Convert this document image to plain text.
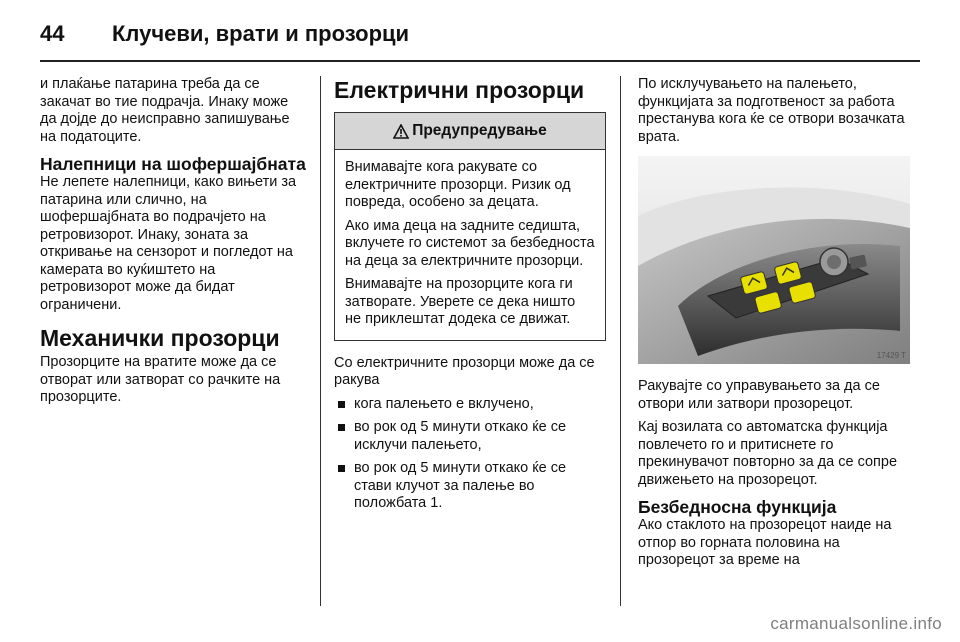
44	Клучеви, врати и прозорци

и плаќање патарина треба да се закачат во тие подрачја. Инаку може да дојде до неисправно запишување на податоците.

Налепници на шофершајбната

Не лепете налепници, како вињети за патарина или слично, на шофершајбната во подрачјето на ретровизорот. Инаку, зоната за откривање на сензорот и погледот на камерата во куќиштето на ретровизорот може да бидат ограничени.

Механички прозорци

Прозорците на вратите може да се отворат или затворат со рачките на прозорците.

Електрични прозорци
Предупредување

Внимавајте кога ракувате со електричните прозорци. Ризик од повреда, особено за децата.

Ако има деца на задните седишта, вклучете го системот за безбедноста на деца за електричните прозорци.

Внимавајте на прозорците кога ги затворате. Уверете се дека ништо не приклештат додека се движат.

Со електричните прозорци може да се ракува

кога палењето е вклучено,
во рок од 5 минути откако ќе се исклучи палењето,
во рок од 5 минути откако ќе се стави клучот за палење во положбата 1.

По исклучувањето на палењето, функцијата за подготвеност за работа престанува кога ќе се отвори возачката врата.

17429 T

Ракувајте со управувањето за да се отвори или затвори прозорецот.

Кај возилата со автоматска функција повлечето го и притиснете го прекинувачот повторно за да се сопре движењето на прозорецот.

Безбедносна функција

Ако стаклото на прозорецот наиде на отпор во горната половина на прозорецот за време на

carmanualsonline.info
